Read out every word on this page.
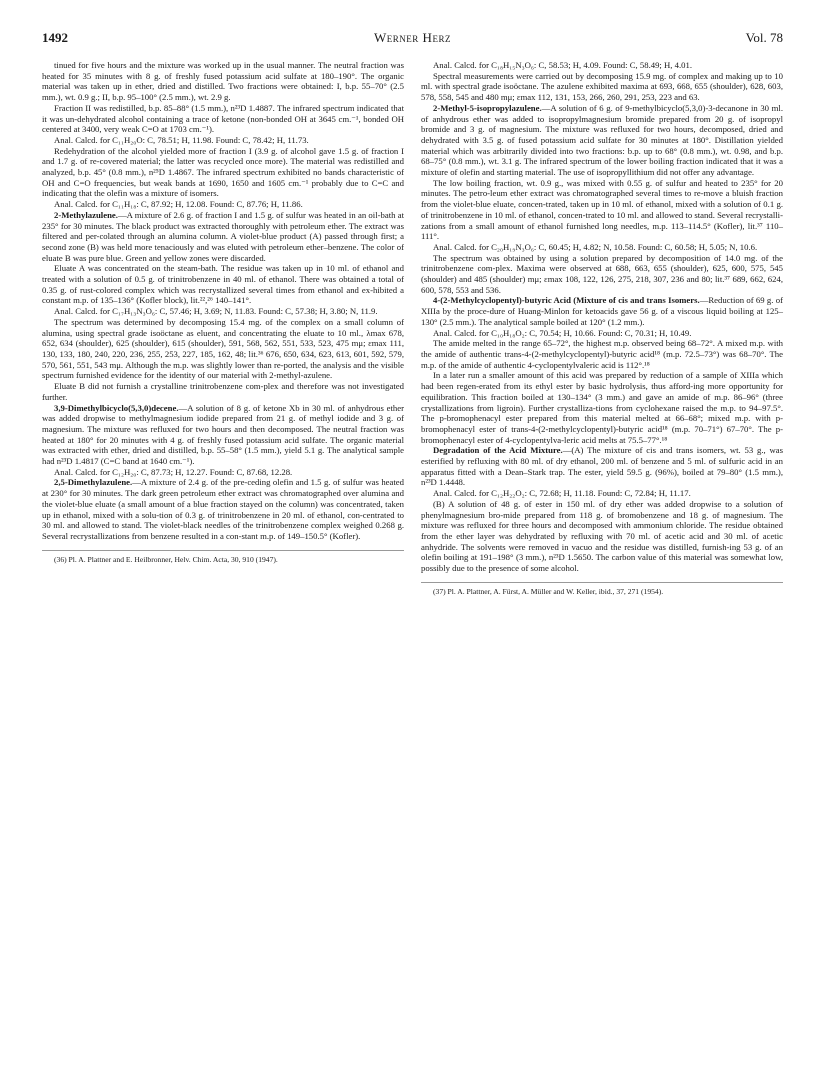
1492	Werner Herz	Vol. 78

tinued for five hours and the mixture was worked up in the usual manner. The neutral fraction was heated for 35 minutes with 8 g. of freshly fused potassium acid sulfate at 180–190°. The organic material was taken up in ether, dried and distilled. Two fractions were obtained: I, b.p. 55–70° (2.5 mm.), wt. 0.9 g.; II, b.p. 95–100° (2.5 mm.), wt. 2.9 g.

Fraction II was redistilled, b.p. 85–88° (1.5 mm.), n²³D 1.4887. The infrared spectrum indicated that it was un-dehydrated alcohol containing a trace of ketone (non-bonded OH at 3645 cm.⁻¹, bonded OH centered at 3400, very weak C=O at 1703 cm.⁻¹).

Anal. Calcd. for C₁₁H₂₀O: C, 78.51; H, 11.98. Found: C, 78.42; H, 11.73.

Redehydration of the alcohol yielded more of fraction I (3.9 g. of alcohol gave 1.5 g. of fraction I and 1.7 g. of re-covered material; the latter was recycled once more). The material was redistilled and analyzed, b.p. 45° (0.8 mm.), n²⁵D 1.4867. The infrared spectrum exhibited no bands characteristic of OH and C=O frequencies, but weak bands at 1690, 1650 and 1605 cm.⁻¹ probably due to C=C and indicating that the olefin was a mixture of isomers.

Anal. Calcd. for C₁₁H₁₈: C, 87.92; H, 12.08. Found: C, 87.76; H, 11.86.

2-Methylazulene.—A mixture of 2.6 g. of fraction I and 1.5 g. of sulfur was heated in an oil-bath at 235° for 30 minutes. The black product was extracted thoroughly with petroleum ether. The extract was filtered and per-colated through an alumina column. A violet-blue product (A) passed through first; a second zone (B) was held more tenaciously and was eluted with petroleum ether–benzene. The color of eluate B was pure blue. Green and yellow zones were discarded.

Eluate A was concentrated on the steam-bath. The residue was taken up in 10 ml. of ethanol and treated with a solution of 0.5 g. of trinitrobenzene in 40 ml. of ethanol. There was obtained a total of 0.35 g. of rust-colored complex which was recrystallized several times from ethanol and ex-hibited a constant m.p. of 135–136° (Kofler block), lit.²²,²⁶ 140–141°.

Anal. Calcd. for C₁₇H₁₃N₃O₆: C, 57.46; H, 3.69; N, 11.83. Found: C, 57.38; H, 3.80; N, 11.9.

The spectrum was determined by decomposing 15.4 mg. of the complex on a small column of alumina, using spectral grade isoöctane as eluent, and concentrating the eluate to 10 ml., λmax 678, 652, 634 (shoulder), 625 (shoulder), 615 (shoulder), 591, 568, 562, 551, 533, 523, 475 mμ; εmax 111, 130, 133, 180, 240, 220, 236, 255, 253, 227, 185, 162, 48; lit.³⁶ 676, 650, 634, 623, 613, 601, 592, 579, 570, 561, 551, 543 mμ. Although the m.p. was slightly lower than re-ported, the analysis and the visible spectrum furnished evidence for the identity of our material with 2-methyl-azulene.

Eluate B did not furnish a crystalline trinitrobenzene com-plex and therefore was not investigated further.

3,9-Dimethylbicyclo(5,3,0)decene.—A solution of 8 g. of ketone Xb in 30 ml. of anhydrous ether was added dropwise to methylmagnesium iodide prepared from 21 g. of methyl iodide and 3 g. of magnesium. The mixture was refluxed for two hours and then decomposed. The neutral fraction was heated at 180° for 20 minutes with 4 g. of freshly fused potassium acid sulfate. The organic material was extracted with ether, dried and distilled, b.p. 55–58° (1.5 mm.), yield 5.1 g. The analytical sample had n²³D 1.4817 (C=C band at 1640 cm.⁻¹).

Anal. Calcd. for C₁₂H₂₀: C, 87.73; H, 12.27. Found: C, 87.68, 12.28.

2,5-Dimethylazulene.—A mixture of 2.4 g. of the pre-ceding olefin and 1.5 g. of sulfur was heated at 230° for 30 minutes. The dark green petroleum ether extract was chromatographed over alumina and the violet-blue eluate (a small amount of a blue fraction stayed on the column) was concentrated, taken up in ethanol, mixed with a solu-tion of 0.3 g. of trinitrobenzene in 20 ml. of ethanol, con-centrated to 30 ml. and allowed to stand. The violet-black needles of the trinitrobenzene complex weighed 0.268 g. Several recrystallizations from benzene resulted in a con-stant m.p. of 149–150.5° (Kofler).

(36) Pl. A. Plattner and E. Heilbronner, Helv. Chim. Acta, 30, 910 (1947).

Anal. Calcd. for C₁₈H₁₅N₃O₆: C, 58.53; H, 4.09. Found: C, 58.49; H, 4.01.

Spectral measurements were carried out by decomposing 15.9 mg. of complex and making up to 10 ml. with spectral grade isoöctane. The azulene exhibited maxima at 693, 668, 655 (shoulder), 628, 603, 578, 558, 545 and 480 mμ; εmax 112, 131, 153, 266, 260, 291, 253, 223 and 63.

2-Methyl-5-isopropylazulene.—A solution of 6 g. of 9-methylbicyclo(5,3,0)-3-decanone in 30 ml. of anhydrous ether was added to isopropylmagnesium bromide prepared from 20 g. of isopropyl bromide and 3 g. of magnesium. The mixture was refluxed for two hours, decomposed, dried and dehydrated with 3.5 g. of fused potassium acid sulfate for 30 minutes at 180°. Distillation yielded material which was arbitrarily divided into two fractions: b.p. up to 68° (0.8 mm.), wt. 0.98, and b.p. 68–75° (0.8 mm.), wt. 3.1 g. The infrared spectrum of the lower boiling fraction indicated that it was a mixture of olefin and starting material. The use of isopropyllithium did not offer any advantage.

The low boiling fraction, wt. 0.9 g., was mixed with 0.55 g. of sulfur and heated to 235° for 20 minutes. The petro-leum ether extract was chromatographed several times to re-move a bluish fraction from the violet-blue eluate, concen-trated, taken up in 10 ml. of ethanol, mixed with a solution of 0.1 g. of trinitrobenzene in 10 ml. of ethanol, concen-trated to 10 ml. and allowed to stand. Several recrystalli-zations from a small amount of ethanol furnished long needles, m.p. 113–114.5° (Kofler), lit.³⁷ 110–111°.

Anal. Calcd. for C₂₀H₁₉N₃O₆: C, 60.45; H, 4.82; N, 10.58. Found: C, 60.58; H, 5.05; N, 10.6.

The spectrum was obtained by using a solution prepared by decomposition of 14.0 mg. of the trinitrobenzene com-plex. Maxima were observed at 688, 663, 655 (shoulder), 625, 600, 575, 545 (shoulder) and 485 (shoulder) mμ; εmax 108, 122, 126, 275, 218, 307, 236 and 80; lit.³⁷ 689, 662, 624, 600, 578, 553 and 536.

4-(2-Methylcyclopentyl)-butyric Acid (Mixture of cis and trans Isomers.—Reduction of 69 g. of XIIIa by the proce-dure of Huang-Minlon for ketoacids gave 56 g. of a viscous liquid boiling at 125–130° (2.5 mm.). The analytical sample boiled at 120° (1.2 mm.).

Anal. Calcd. for C₁₀H₁₈O₂: C, 70.54; H, 10.66. Found: C, 70.31; H, 10.49.

The amide melted in the range 65–72°, the highest m.p. observed being 68–72°. A mixed m.p. with the amide of authentic trans-4-(2-methylcyclopentyl)-butyric acid¹⁸ (m.p. 72.5–73°) was 68–70°. The m.p. of the amide of authentic 4-cyclopentylvaleric acid is 112°.¹⁸

In a later run a smaller amount of this acid was prepared by reduction of a sample of XIIIa which had been regen-erated from its ethyl ester by basic hydrolysis, thus afford-ing more opportunity for equilibration. This fraction boiled at 130–134° (3 mm.) and gave an amide of m.p. 86–96° (three crystallizations from ligroin). Further crystalliza-tions from cyclohexane raised the m.p. to 94–97.5°. The p-bromophenacyl ester prepared from this material melted at 66–68°; mixed m.p. with p-bromophenacyl ester of trans-4-(2-methylcyclopentyl)-butyric acid¹⁸ (m.p. 70–71°) 67–70°. The p-bromophenacyl ester of 4-cyclopentylva-leric acid melts at 75.5–77°.¹⁸

Degradation of the Acid Mixture.—(A) The mixture of cis and trans isomers, wt. 53 g., was esterified by refluxing with 80 ml. of dry ethanol, 200 ml. of benzene and 5 ml. of sulfuric acid in an apparatus fitted with a Dean–Stark trap. The ester, yield 59.5 g. (96%), boiled at 79–80° (1.5 mm.), n²³D 1.4448.

Anal. Calcd. for C₁₂H₂₂O₂: C, 72.68; H, 11.18. Found: C, 72.84; H, 11.17.

(B) A solution of 48 g. of ester in 150 ml. of dry ether was added dropwise to a solution of phenylmagnesium bro-mide prepared from 118 g. of bromobenzene and 18 g. of magnesium. The mixture was refluxed for three hours and decomposed with ammonium chloride. The residue obtained from the ether layer was dehydrated by refluxing with 70 ml. of acetic acid and 30 ml. of acetic anhydride. The solvents were removed in vacuo and the residue was distilled, furnish-ing 53 g. of an olefin boiling at 191–198° (3 mm.), n²³D 1.5650. The carbon value of this material was somewhat low, possibly due to the presence of some alcohol.

(37) Pl. A. Plattner, A. Fürst, A. Müller and W. Keller, ibid., 37, 271 (1954).
